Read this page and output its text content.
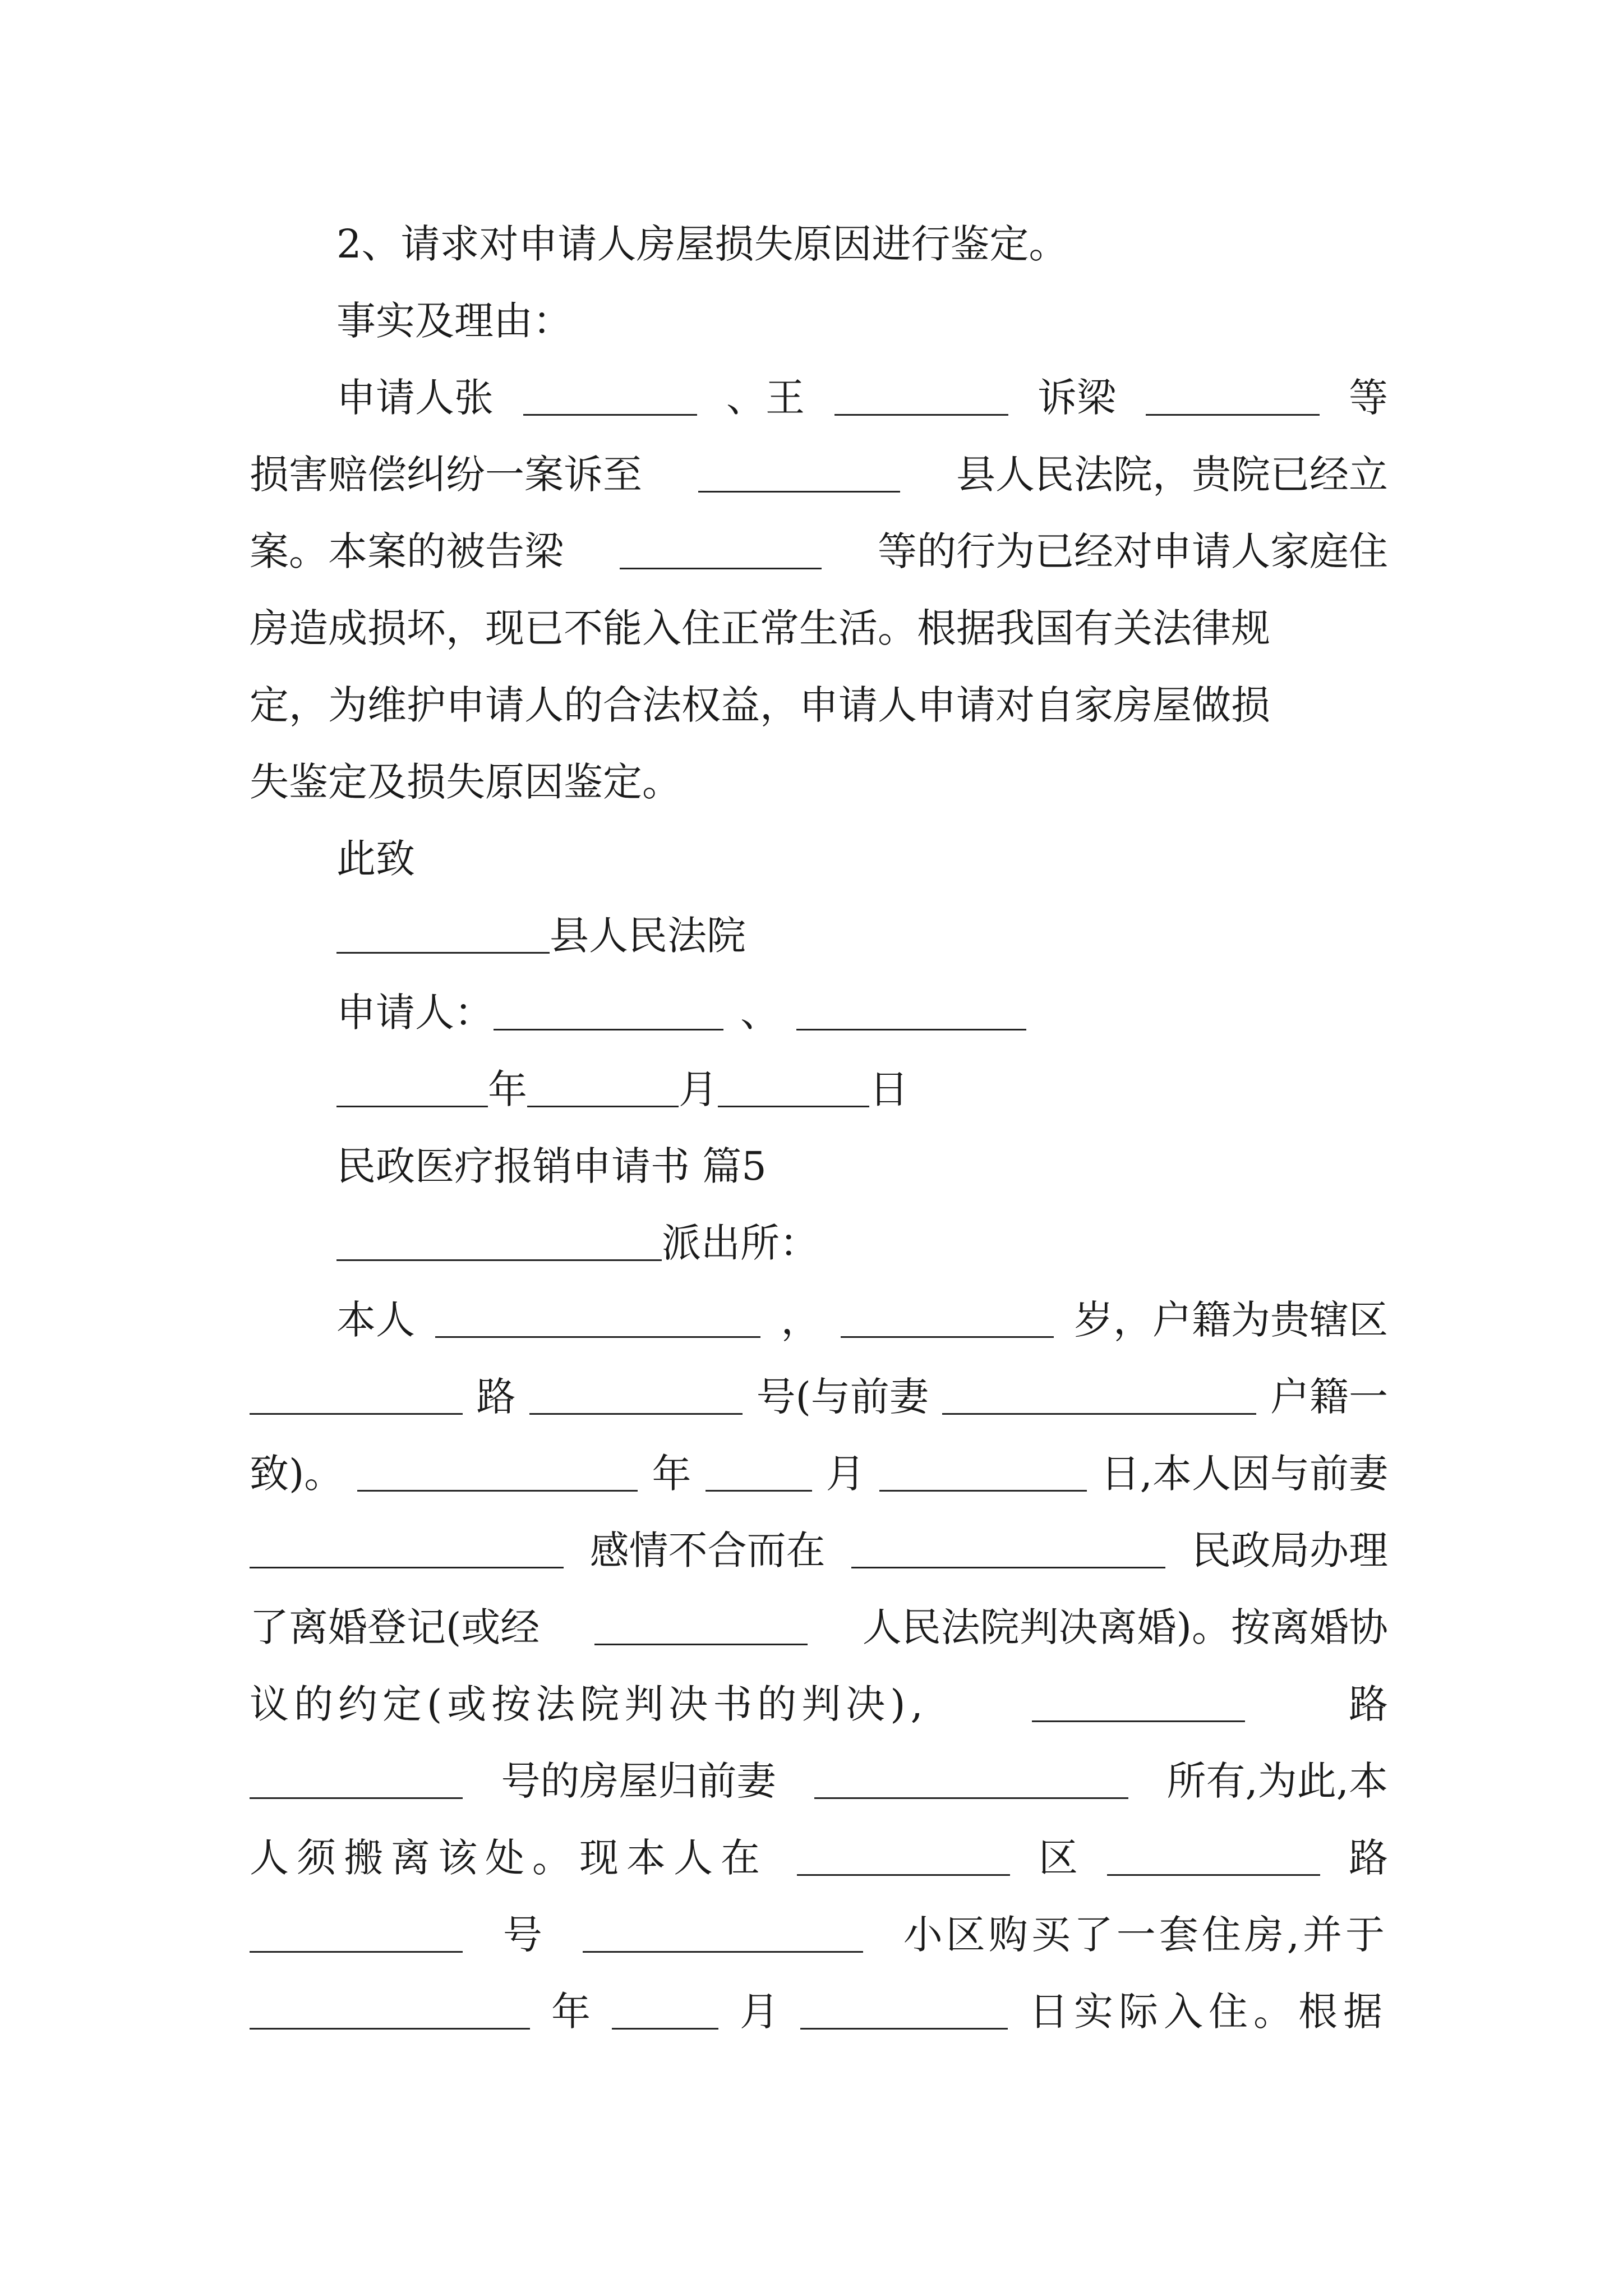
2、请求对申请人房屋损失原因进行鉴定。
事实及理由：
申请人张	、王	诉梁	等
损害赔偿纠纷一案诉至	县人民法院，贵院已经立
案。本案的被告梁	等的行为已经对申请人家庭住
房造成损坏，现已不能入住正常生活。根据我国有关法律规
定，为维护申请人的合法权益，申请人申请对自家房屋做损
失鉴定及损失原因鉴定。
此致
县人民法院
申请人：	、
年	月	日
民政医疗报销申请书 篇5
派出所：
本人	，	岁，户籍为贵辖区
路	号(与前妻	户籍一
致)。	年	月	日,本人因与前妻
感情不合而在	民政局办理
了离婚登记(或经	人民法院判决离婚)。按离婚协
议的约定(或按法院判决书的判决),	路
号的房屋归前妻	所有,为此,本
人须搬离该处。现本人在	区	路
号	小区购买了一套住房,并于
年	月	日实际入住。根据
